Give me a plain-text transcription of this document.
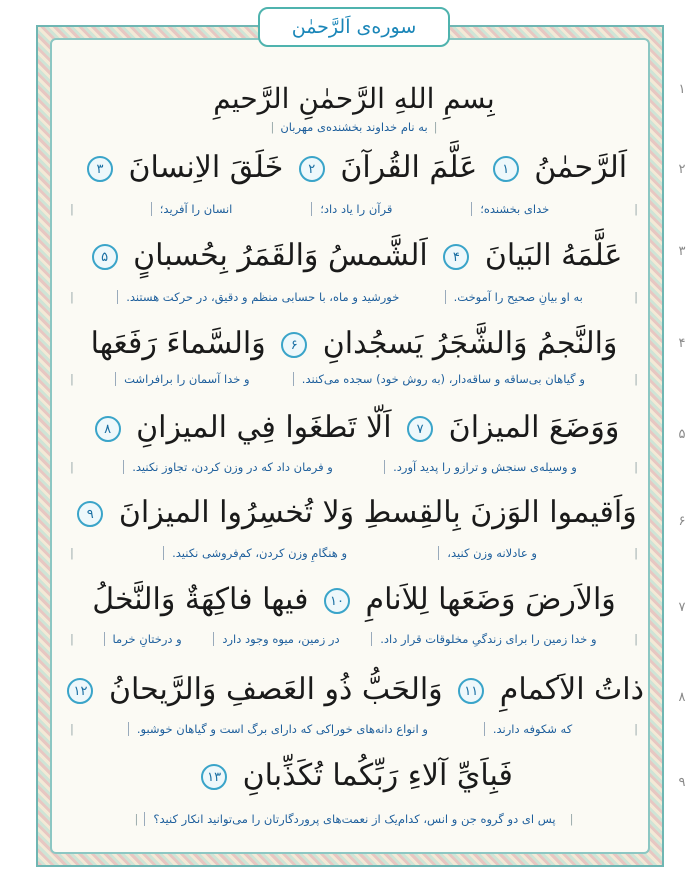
سوره‌ی اَلرَّحمٰن
١
٢
٣
۴
۵
۶
٧
٨
٩
بِسمِ اللهِ الرَّحمٰنِ الرَّحيمِ
|
به نام خداوند بخشنده‌ی مهربان
|
اَلرَّحمٰنُ ١ عَلَّمَ القُرآنَ ٢ خَلَقَ الاِنسانَ ٣
|
خدای بخشنده؛
قرآن را یاد داد؛
انسان را آفرید؛
|
عَلَّمَهُ البَيانَ ۴ اَلشَّمسُ وَالقَمَرُ بِحُسبانٍ ۵
|
به او بیانِ صحیح را آموخت.
خورشید و ماه، با حسابی منظم و دقیق، در حرکت هستند.
|
وَالنَّجمُ وَالشَّجَرُ يَسجُدانِ ۶ وَالسَّماءَ رَفَعَها
|
و گیاهان بی‌ساقه و ساقه‌دار، (به روش خود) سجده می‌کنند.
و خدا آسمان را برافراشت
|
وَوَضَعَ الميزانَ ٧ اَلّا تَطغَوا فِي الميزانِ ٨
|
و وسیله‌ی سنجش و ترازو را پدید آورد.
و فرمان داد که در وزن کردن، تجاوز نکنید.
|
وَاَقيموا الوَزنَ بِالقِسطِ وَلا تُخسِرُوا الميزانَ ٩
|
و عادلانه وزن کنید،
و هنگامِ وزن کردن، کم‌فروشی نکنید.
|
وَالاَرضَ وَضَعَها لِلاَنامِ ١٠ فيها فاكِهَةٌ وَالنَّخلُ
|
و خدا زمین را برای زندگیِ مخلوقات قرار داد.
در زمین، میوه وجود دارد
و درختانِ خرما
|
ذاتُ الاَكمامِ ١١ وَالحَبُّ ذُو العَصفِ وَالرَّيحانُ ١٢
|
که شکوفه دارند.
و انواع دانه‌های خوراکی که دارای برگ است و گیاهان خوشبو.
|
فَبِاَيِّ آلاءِ رَبِّكُما تُكَذِّبانِ ١٣
|
پس ای دو گروه جن و انس، کدام‌یک از نعمت‌های پروردگارتان را می‌توانید انکار کنید؟
|
